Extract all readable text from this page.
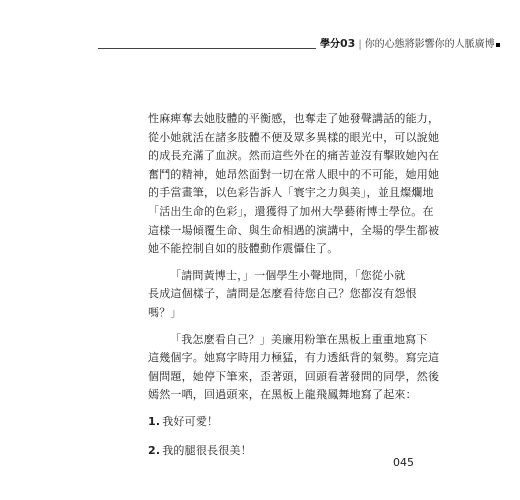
學分03 | 你的心態將影響你的人脈廣博

性麻痺奪去她肢體的平衡感，也奪走了她發聲講話的能力，
從小她就活在諸多肢體不便及眾多異樣的眼光中，可以說她
的成長充滿了血淚。然而這些外在的痛苦並沒有擊敗她內在
奮鬥的精神，她昂然面對一切在常人眼中的不可能，她用她
的手當畫筆，以色彩告訴人「寰宇之力與美」，並且燦爛地
「活出生命的色彩」，還獲得了加州大學藝術博士學位。在
這樣一場傾覆生命、與生命相遇的演講中，全場的學生都被
她不能控制自如的肢體動作震懾住了。

「請問黃博士，」一個學生小聲地問，「您從小就
長成這個樣子，請問是怎麼看待您自己？您都沒有怨恨
嗎？」

「我怎麼看自己？」美廉用粉筆在黑板上重重地寫下
這幾個字。她寫字時用力極猛，有力透紙背的氣勢。寫完這
個問題，她停下筆來，歪著頭，回頭看著發問的同學，然後
嫣然一哂，回過頭來，在黑板上龍飛鳳舞地寫了起來：

1. 我好可愛！
2. 我的腿很長很美！
045
